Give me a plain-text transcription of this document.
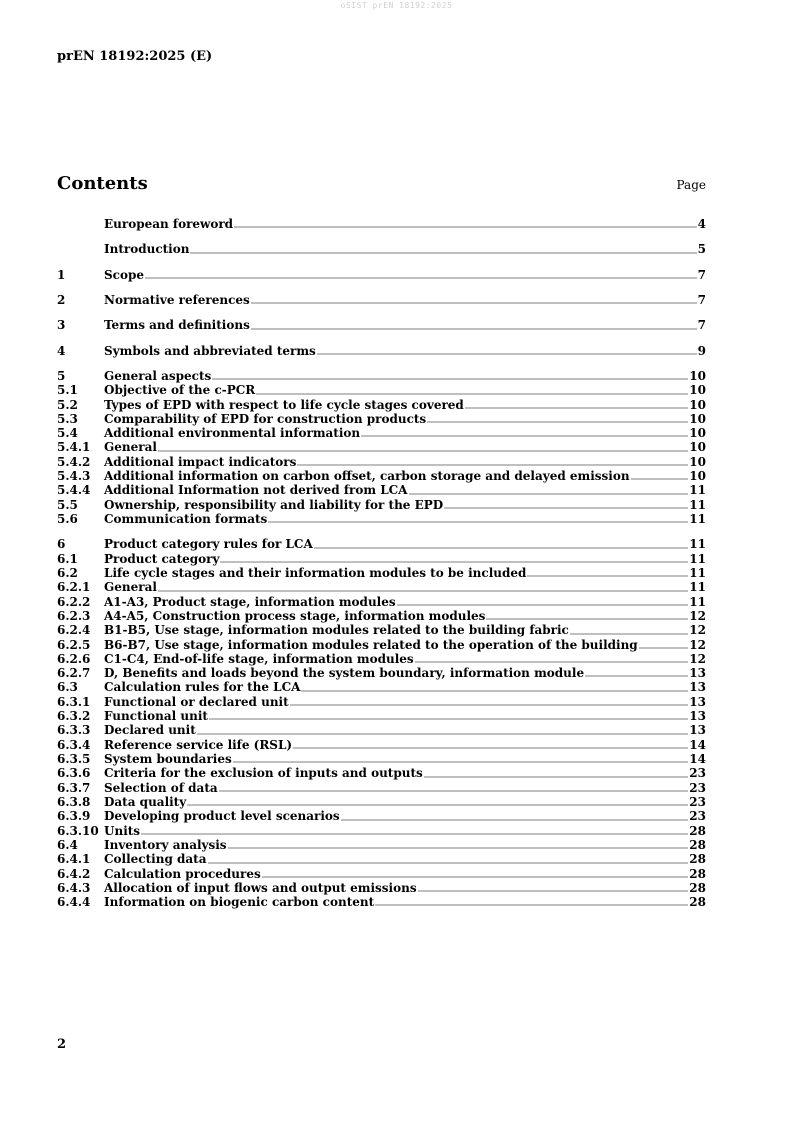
oSIST prEN 18192:2025
prEN 18192:2025 (E)
Contents	Page
European foreword	4
Introduction	5
1	Scope	7
2	Normative references	7
3	Terms and definitions	7
4	Symbols and abbreviated terms	9
5	General aspects	10
5.1	Objective of the c-PCR	10
5.2	Types of EPD with respect to life cycle stages covered	10
5.3	Comparability of EPD for construction products	10
5.4	Additional environmental information	10
5.4.1	General	10
5.4.2	Additional impact indicators	10
5.4.3	Additional information on carbon offset, carbon storage and delayed emission	10
5.4.4	Additional Information not derived from LCA	11
5.5	Ownership, responsibility and liability for the EPD	11
5.6	Communication formats	11
6	Product category rules for LCA	11
6.1	Product category	11
6.2	Life cycle stages and their information modules to be included	11
6.2.1	General	11
6.2.2	A1-A3, Product stage, information modules	11
6.2.3	A4-A5, Construction process stage, information modules	12
6.2.4	B1-B5, Use stage, information modules related to the building fabric	12
6.2.5	B6-B7, Use stage, information modules related to the operation of the building	12
6.2.6	C1-C4, End-of-life stage, information modules	12
6.2.7	D, Benefits and loads beyond the system boundary, information module	13
6.3	Calculation rules for the LCA	13
6.3.1	Functional or declared unit	13
6.3.2	Functional unit	13
6.3.3	Declared unit	13
6.3.4	Reference service life (RSL)	14
6.3.5	System boundaries	14
6.3.6	Criteria for the exclusion of inputs and outputs	23
6.3.7	Selection of data	23
6.3.8	Data quality	23
6.3.9	Developing product level scenarios	23
6.3.10 Units	28
6.4	Inventory analysis	28
6.4.1	Collecting data	28
6.4.2	Calculation procedures	28
6.4.3	Allocation of input flows and output emissions	28
6.4.4	Information on biogenic carbon content	28
2
